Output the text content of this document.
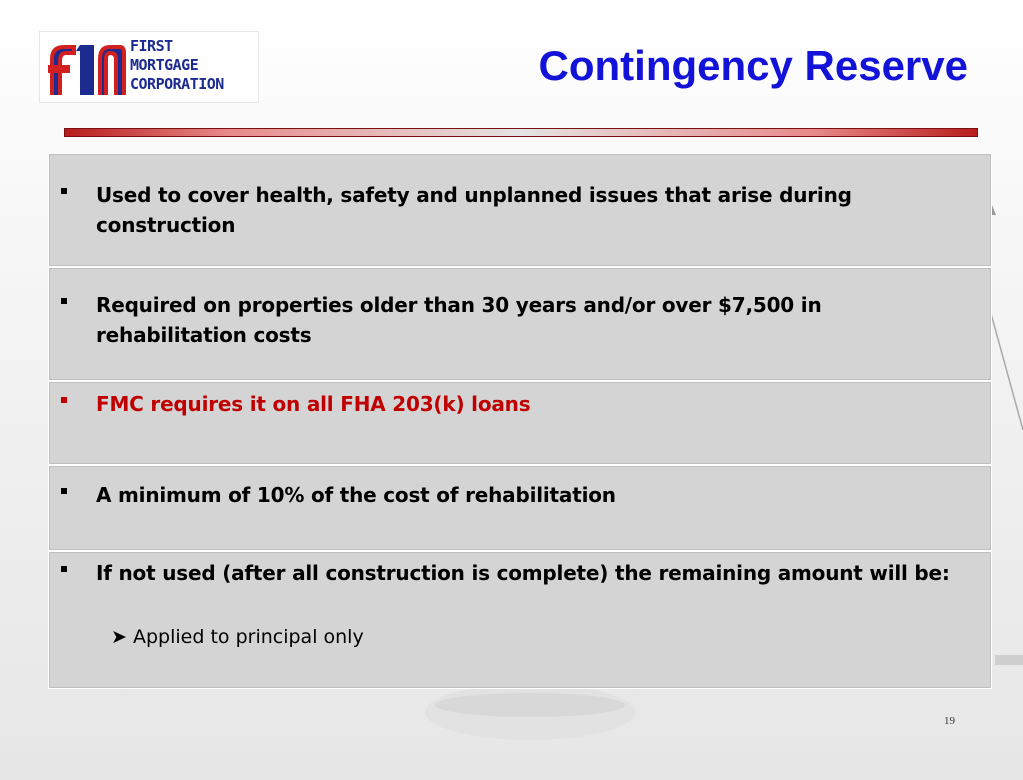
FIRST
MORTGAGE
CORPORATION	Contingency Reserve
Used to cover health, safety and unplanned issues that arise during construction
Required on properties older than 30 years and/or over $7,500 in rehabilitation costs
FMC requires it on all FHA 203(k) loans
A minimum of 10% of the cost of rehabilitation
If not used (after all construction is complete) the remaining amount will be:
➤ Applied to principal only
19
